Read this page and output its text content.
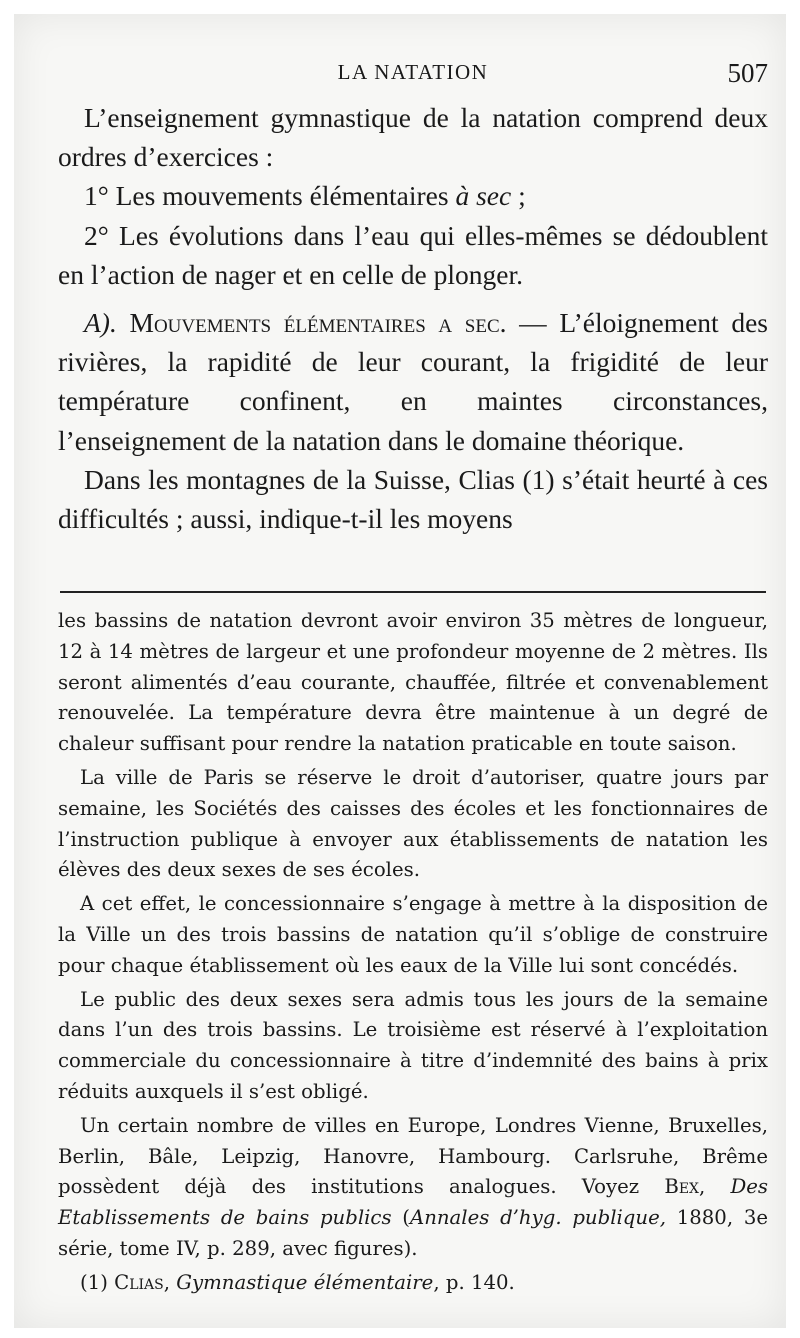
LA NATATION	507

L’enseignement gymnastique de la natation comprend deux ordres d’exercices :

1° Les mouvements élémentaires à sec ;

2° Les évolutions dans l’eau qui elles-mêmes se dédoublent en l’action de nager et en celle de plonger.

A). Mouvements élémentaires a sec. — L’éloignement des rivières, la rapidité de leur courant, la frigidité de leur température confinent, en maintes circonstances, l’enseignement de la natation dans le domaine théorique.

Dans les montagnes de la Suisse, Clias (1) s’était heurté à ces difficultés ; aussi, indique-t-il les moyens

les bassins de natation devront avoir environ 35 mètres de longueur, 12 à 14 mètres de largeur et une profondeur moyenne de 2 mètres. Ils seront alimentés d’eau courante, chauffée, filtrée et convenablement renouvelée. La température devra être maintenue à un degré de chaleur suffisant pour rendre la natation praticable en toute saison.

La ville de Paris se réserve le droit d’autoriser, quatre jours par semaine, les Sociétés des caisses des écoles et les fonctionnaires de l’instruction publique à envoyer aux établissements de natation les élèves des deux sexes de ses écoles.

A cet effet, le concessionnaire s’engage à mettre à la disposition de la Ville un des trois bassins de natation qu’il s’oblige de construire pour chaque établissement où les eaux de la Ville lui sont concédés.

Le public des deux sexes sera admis tous les jours de la semaine dans l’un des trois bassins. Le troisième est réservé à l’exploitation commerciale du concessionnaire à titre d’indemnité des bains à prix réduits auxquels il s’est obligé.

Un certain nombre de villes en Europe, Londres Vienne, Bruxelles, Berlin, Bâle, Leipzig, Hanovre, Hambourg. Carlsruhe, Brême possèdent déjà des institutions analogues. Voyez Bex, Des Etablissements de bains publics (Annales d’hyg. publique, 1880, 3e série, tome IV, p. 289, avec figures).

(1) Clias, Gymnastique élémentaire, p. 140.
